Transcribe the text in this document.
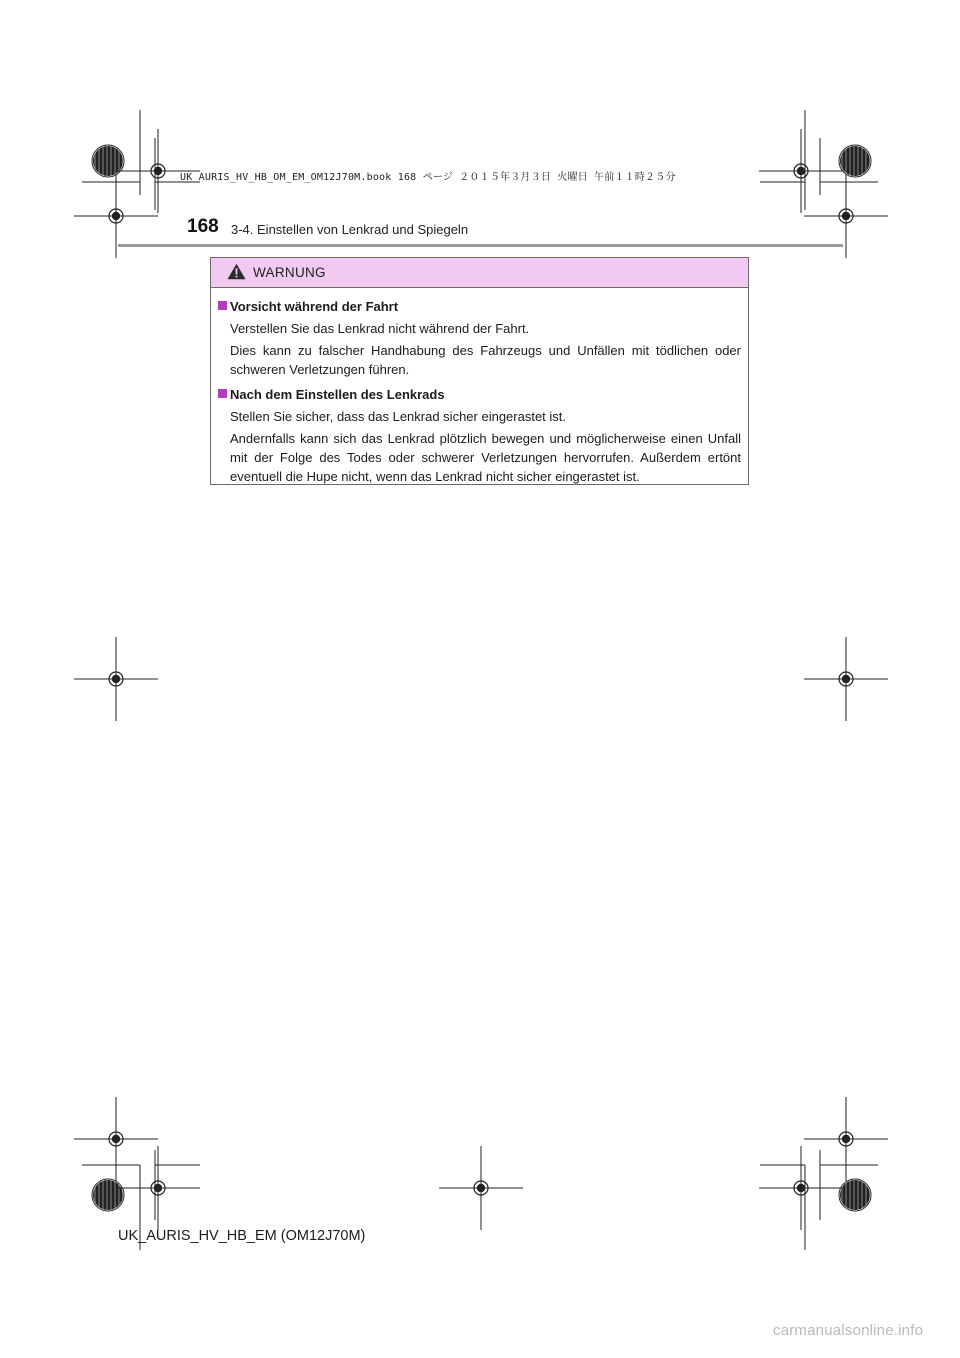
UK AURIS_HV_HB_OM_EM_OM12J70M.book 168 ページ ２０１５年３月３日 火曜日 午前１１時２５分
168 3-4. Einstellen von Lenkrad und Spiegeln
WARNUNG
Vorsicht während der Fahrt

Verstellen Sie das Lenkrad nicht während der Fahrt.

Dies kann zu falscher Handhabung des Fahrzeugs und Unfällen mit tödlichen oder schweren Verletzungen führen.

Nach dem Einstellen des Lenkrads

Stellen Sie sicher, dass das Lenkrad sicher eingerastet ist.

Andernfalls kann sich das Lenkrad plötzlich bewegen und möglicherweise einen Unfall mit der Folge des Todes oder schwerer Verletzungen hervorrufen. Außerdem ertönt eventuell die Hupe nicht, wenn das Lenkrad nicht sicher eingerastet ist.

UK_AURIS_HV_HB_EM (OM12J70M)
carmanualsonline.info
